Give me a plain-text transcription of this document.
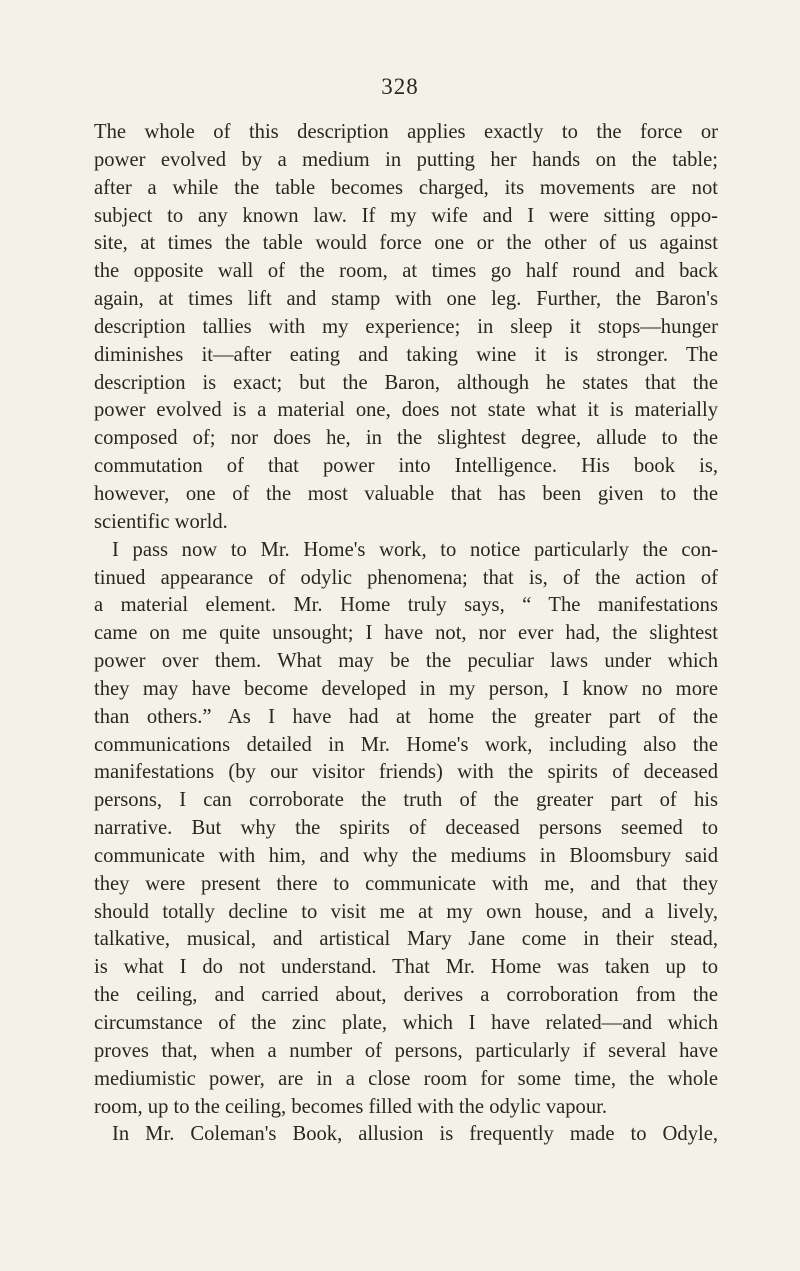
328
The whole of this description applies exactly to the force or
power evolved by a medium in putting her hands on the table;
after a while the table becomes charged, its movements are not
subject to any known law. If my wife and I were sitting oppo-
site, at times the table would force one or the other of us against
the opposite wall of the room, at times go half round and back
again, at times lift and stamp with one leg. Further, the Baron's
description tallies with my experience; in sleep it stops—hunger
diminishes it—after eating and taking wine it is stronger. The
description is exact; but the Baron, although he states that the
power evolved is a material one, does not state what it is materially
composed of; nor does he, in the slightest degree, allude to the
commutation of that power into Intelligence. His book is,
however, one of the most valuable that has been given to the
scientific world.
I pass now to Mr. Home's work, to notice particularly the con-
tinued appearance of odylic phenomena; that is, of the action of
a material element. Mr. Home truly says, “ The manifestations
came on me quite unsought; I have not, nor ever had, the slightest
power over them. What may be the peculiar laws under which
they may have become developed in my person, I know no more
than others.” As I have had at home the greater part of the
communications detailed in Mr. Home's work, including also the
manifestations (by our visitor friends) with the spirits of deceased
persons, I can corroborate the truth of the greater part of his
narrative. But why the spirits of deceased persons seemed to
communicate with him, and why the mediums in Bloomsbury said
they were present there to communicate with me, and that they
should totally decline to visit me at my own house, and a lively,
talkative, musical, and artistical Mary Jane come in their stead,
is what I do not understand. That Mr. Home was taken up to
the ceiling, and carried about, derives a corroboration from the
circumstance of the zinc plate, which I have related—and which
proves that, when a number of persons, particularly if several have
mediumistic power, are in a close room for some time, the whole
room, up to the ceiling, becomes filled with the odylic vapour.
In Mr. Coleman's Book, allusion is frequently made to Odyle,
